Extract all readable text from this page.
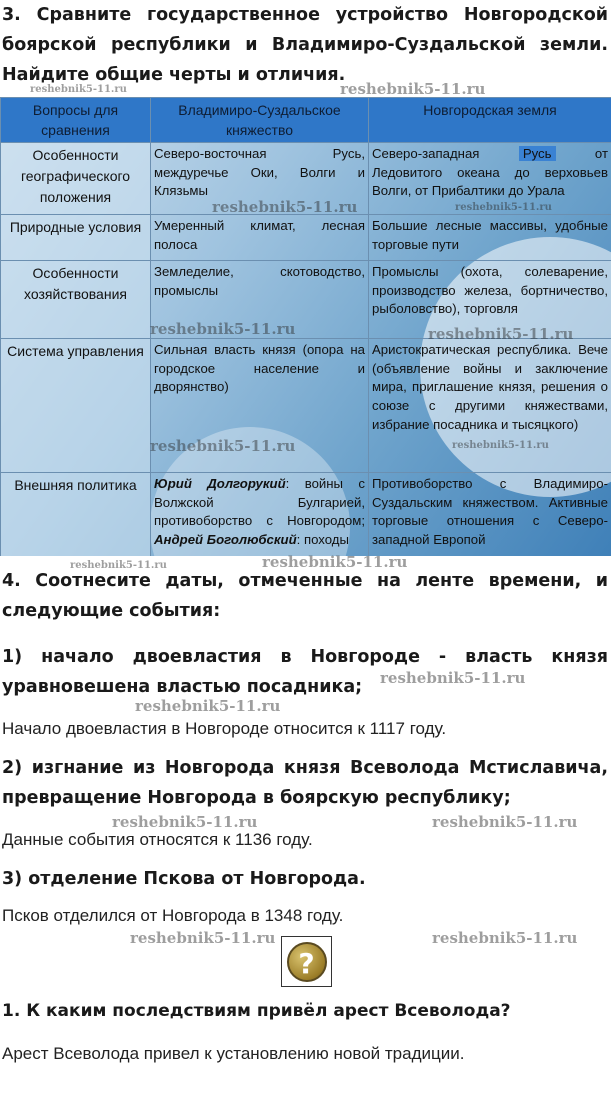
3. Сравните государственное устройство Новгородской боярской республики и Владимиро-Суздальской земли. Найдите общие черты и отличия.
Вопросы для сравнения	Владимиро-Суздальское княжество	Новгородская земля
Особенности географического положения	Северо-восточная Русь, междуречье Оки, Волги и Клязьмы	Северо-западная Русь от Ледовитого океана до верховьев Волги, от Прибалтики до Урала
Природные условия	Умеренный климат, лесная полоса	Большие лесные массивы, удобные торговые пути
Особенности хозяйствования	Земледелие, скотоводство, промыслы	Промыслы (охота, солеварение, производство железа, бортничество, рыболовство), торговля
Система управления	Сильная власть князя (опора на городское население и дворянство)	Аристократическая республика. Вече (объявление войны и заключение мира, приглашение князя, решения о союзе с другими княжествами, избрание посадника и тысяцкого)
Внешняя политика	Юрий Долгорукий: войны с Волжской Булгарией, противоборство с Новгородом; Андрей Боголюбский: походы	Противоборство с Владимиро-Суздальским княжеством. Активные торговые отношения с Северо-западной Европой
4. Соотнесите даты, отмеченные на ленте времени, и следующие события:
1) начало двоевластия в Новгороде - власть князя уравновешена властью посадника;
Начало двоевластия в Новгороде относится к 1117 году.
2) изгнание из Новгорода князя Всеволода Мстиславича, превращение Новгорода в боярскую республику;
Данные события относятся к 1136 году.
3) отделение Пскова от Новгорода.
Псков отделился от Новгорода в 1348 году.
?
1. К каким последствиям привёл арест Всеволода?
Арест Всеволода привел к установлению новой традиции.
reshebnik5-11.ru	reshebnik5-11.ru
reshebnik5-11.ru	reshebnik5-11.ru
reshebnik5-11.ru	reshebnik5-11.ru
reshebnik5-11.ru	reshebnik5-11.ru
reshebnik5-11.ru	reshebnik5-11.ru
reshebnik5-11.ru
reshebnik5-11.ru
reshebnik5-11.ru	reshebnik5-11.ru
reshebnik5-11.ru	reshebnik5-11.ru
